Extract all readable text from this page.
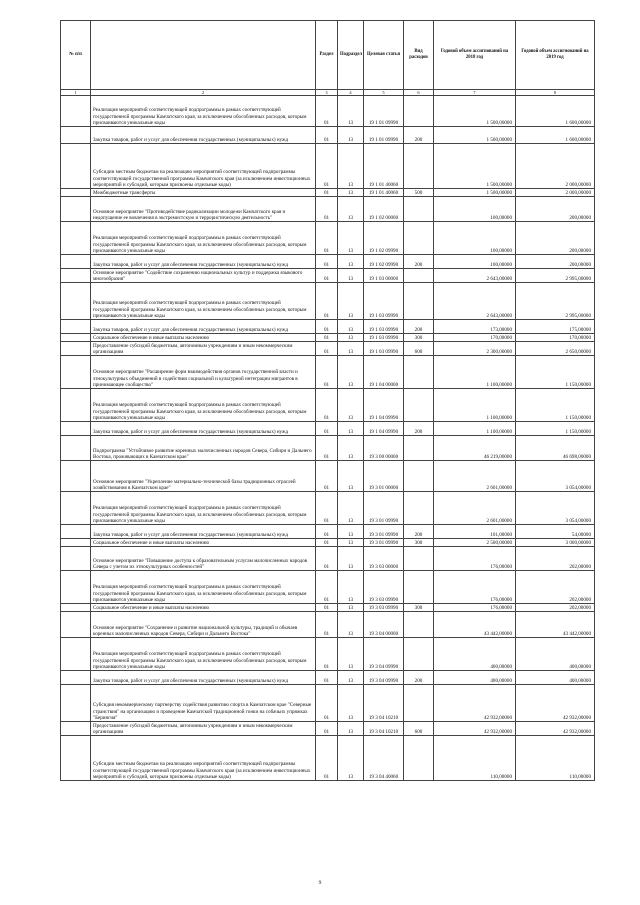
№ п/п		Раздел	Подраздел	Целевая статья	Вид расходов	Годовой объем ассигнований на 2018 год	Годовой объем ассигнований на 2019 год
1	2	3	4	5	6	7	8
	Реализация мероприятий соответствующей подпрограммы в рамках соответствующей государственной программы Камчатского края, за исключением обособленных расходов, которым присваиваются уникальные коды	01	13	19 1 01 09990		1 500,00000	1 600,00000
	Закупка товаров, работ и услуг для обеспечения государственных (муниципальных) нужд	01	13	19 1 01 09990	200	1 500,00000	1 600,00000
	Субсидии местным бюджетам на реализацию мероприятий соответствующей подпрограммы соответствующей государственной программы Камчатского края (за исключением инвестиционных мероприятий и субсидий, которым присвоены отдельные коды)	01	13	19 1 01 40060		1 500,00000	2 000,00000
	Межбюджетные трансферты	01	13	19 1 01 40060	500	1 500,00000	2 000,00000
	Основное мероприятие "Противодействие радикализации молодежи Камчатского края и недопущение ее вовлечения в экстремистскую и террористическую деятельность"	01	13	19 1 02 00000		100,00000	200,00000
	Реализация мероприятий соответствующей подпрограммы в рамках соответствующей государственной программы Камчатского края, за исключением обособленных расходов, которым присваиваются уникальные коды	01	13	19 1 02 09990		100,00000	200,00000
	Закупка товаров, работ и услуг для обеспечения государственных (муниципальных) нужд	01	13	19 1 02 09990	200	100,00000	200,00000
	Основное мероприятие "Содействие сохранению национальных культур и поддержка языкового многообразия"	01	13	19 1 03 00000		2 643,00000	2 995,00000
	Реализация мероприятий соответствующей подпрограммы в рамках соответствующей государственной программы Камчатского края, за исключением обособленных расходов, которым присваиваются уникальные коды	01	13	19 1 03 09990		2 643,00000	2 995,00000
	Закупка товаров, работ и услуг для обеспечения государственных (муниципальных) нужд	01	13	19 1 03 09990	200	173,00000	175,00000
	Социальное обеспечение и иные выплаты населению	01	13	19 1 03 09990	300	170,00000	170,00000
	Предоставление субсидий бюджетным, автономным учреждениям и иным некоммерческим организациям	01	13	19 1 03 09990	600	2 300,00000	2 650,00000
	Основное мероприятие "Расширение форм взаимодействия органов государственной власти и этнокультурных объединений в содействии социальной и культурной интеграции мигрантов в принимающее сообщество"	01	13	19 1 04 00000		1 100,00000	1 150,00000
	Реализация мероприятий соответствующей подпрограммы в рамках соответствующей государственной программы Камчатского края, за исключением обособленных расходов, которым присваиваются уникальные коды	01	13	19 1 04 09990		1 100,00000	1 150,00000
	Закупка товаров, работ и услуг для обеспечения государственных (муниципальных) нужд	01	13	19 1 04 09990	200	1 100,00000	1 150,00000
	Подпрограмма "Устойчивое развитие коренных малочисленных народов Севера, Сибири и Дальнего Востока, проживающих в Камчатском крае"	01	13	19 3 00 00000		46 219,00000	46 698,00000
	Основное мероприятие "Укрепление материально-технической базы традиционных отраслей хозяйствования в Камчатском крае"	01	13	19 3 01 00000		2 601,00000	3 054,00000
	Реализация мероприятий соответствующей подпрограммы в рамках соответствующей государственной программы Камчатского края, за исключением обособленных расходов, которым присваиваются уникальные коды	01	13	19 3 01 09990		2 601,00000	3 054,00000
	Закупка товаров, работ и услуг для обеспечения государственных (муниципальных) нужд	01	13	19 3 01 09990	200	101,00000	54,00000
	Социальное обеспечение и иные выплаты населению	01	13	19 3 01 09990	300	2 500,00000	3 000,00000
	Основное мероприятие "Повышение доступа к образовательным услугам малочисленных народов Севера с учетом их этнокультурных особенностей"	01	13	19 3 03 00000		176,00000	202,00000
	Реализация мероприятий соответствующей подпрограммы в рамках соответствующей государственной программы Камчатского края, за исключением обособленных расходов, которым присваиваются уникальные коды	01	13	19 3 03 09990		176,00000	202,00000
	Социальное обеспечение и иные выплаты населению	01	13	19 3 03 09990	300	176,00000	202,00000
	Основное мероприятие "Сохранение и развитие национальной культуры, традиций и обычаев коренных малочисленных народов Севера, Сибири и Дальнего Востока"	01	13	19 3 04 00000		43 442,00000	43 442,00000
	Реализация мероприятий соответствующей подпрограммы в рамках соответствующей государственной программы Камчатского края, за исключением обособленных расходов, которым присваиваются уникальные коды	01	13	19 3 04 09990		400,00000	400,00000
	Закупка товаров, работ и услуг для обеспечения государственных (муниципальных) нужд	01	13	19 3 04 09990	200	400,00000	400,00000
	Субсидия некоммерческому партнерству содействия развитию спорта в Камчатском крае "Северные странствия" на организацию и проведение Камчатской традиционной гонки на собачьих упряжках "Берингия"	01	13	19 3 04 10210		42 932,00000	42 932,00000
	Предоставление субсидий бюджетным, автономным учреждениям и иным некоммерческим организациям	01	13	19 3 04 10210	600	42 932,00000	42 932,00000
	Субсидии местным бюджетам на реализацию мероприятий соответствующей подпрограммы соответствующей государственной программы Камчатского края (за исключением инвестиционных мероприятий и субсидий, которым присвоены отдельные коды)	01	13	19 3 04 40060		110,00000	110,00000
9
